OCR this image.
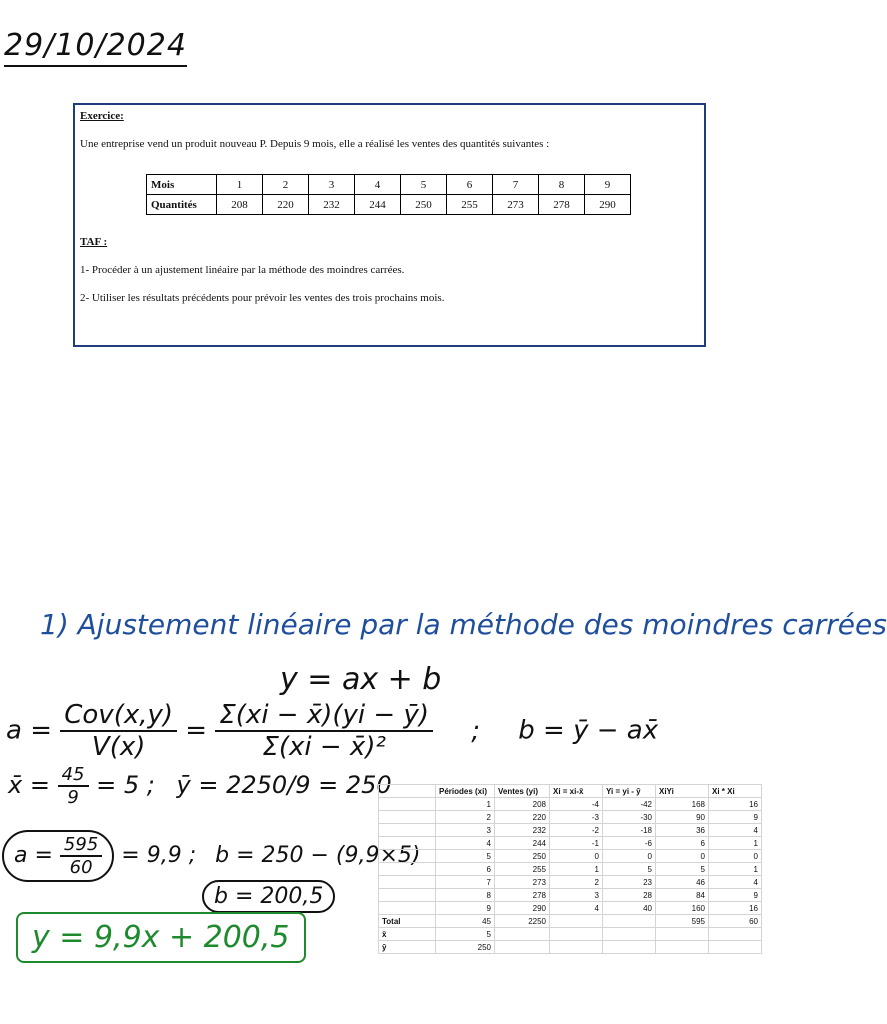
29/10/2024
Exercice:
Une entreprise vend un produit nouveau P. Depuis 9 mois, elle a réalisé les ventes des quantités suivantes :
Mois	1	2	3	4	5	6	7	8	9
Quantités	208	220	232	244	250	255	273	278	290
TAF :
1- Procéder à un ajustement linéaire par la méthode des moindres carrées.
2- Utiliser les résultats précédents pour prévoir les ventes des trois prochains mois.
1) Ajustement linéaire par la méthode des moindres carrées
y = ax + b
$a = \frac{\text{Cov(x,y)}}{V(x)} = \frac{\Sigma(xi - x̄)(yi - ȳ)}{\text{Σ(xi − x̄)²}}$ ; b = ȳ − ax̄
x̄ = $\frac{45}{9} = 5$ ; ȳ = 2250/9 = 250
$a = \frac{595}{60} = 9,9$ ; b = 250 − (9,9×5)
b = 200,5
y = 9,9x + 200,5
	Périodes (xi)	Ventes (yi)	Xi = xi-x̄	Yi = yi - ȳ	XiYi	Xi * Xi
	1	208	-4	-42	168	16
	2	220	-3	-30	90	9
	3	232	-2	-18	36	4
	4	244	-1	-6	6	1
	5	250	0	0	0	0
	6	255	1	5	5	1
	7	273	2	23	46	4
	8	278	3	28	84	9
	9	290	4	40	160	16
Total	45	2250			595	60
x̄	5					
ȳ	250					
